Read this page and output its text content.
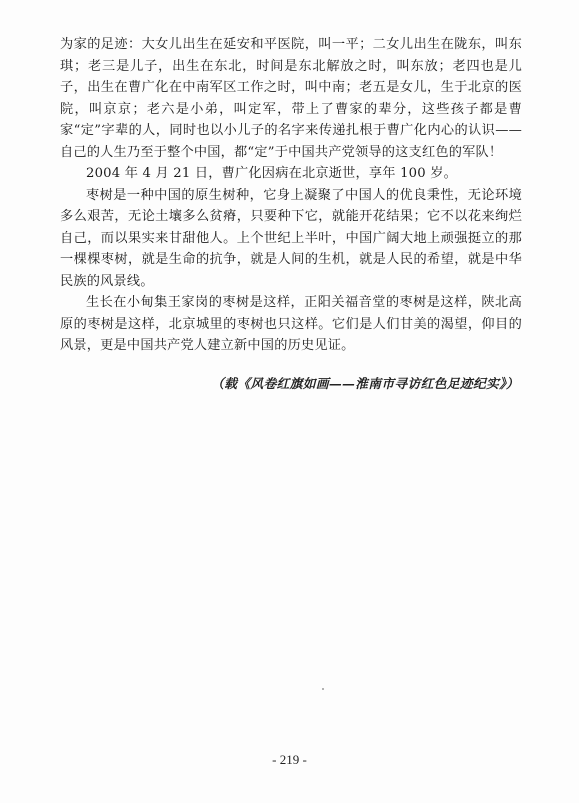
为家的足迹：大女儿出生在延安和平医院，叫一平；二女儿出生在陇东，叫东琪；老三是儿子，出生在东北，时间是东北解放之时，叫东放；老四也是儿子，出生在曹广化在中南军区工作之时，叫中南；老五是女儿，生于北京的医院，叫京京；老六是小弟，叫定军，带上了曹家的辈分，这些孩子都是曹家“定”字辈的人，同时也以小儿子的名字来传递扎根于曹广化内心的认识——自己的人生乃至于整个中国，都“定”于中国共产党领导的这支红色的军队！

2004 年 4 月 21 日，曹广化因病在北京逝世，享年 100 岁。

枣树是一种中国的原生树种，它身上凝聚了中国人的优良秉性，无论环境多么艰苦，无论土壤多么贫瘠，只要种下它，就能开花结果；它不以花来绚烂自己，而以果实来甘甜他人。上个世纪上半叶，中国广阔大地上顽强挺立的那一棵棵枣树，就是生命的抗争，就是人间的生机，就是人民的希望，就是中华民族的风景线。

生长在小甸集王家岗的枣树是这样，正阳关福音堂的枣树是这样，陕北高原的枣树是这样，北京城里的枣树也只这样。它们是人们甘美的渴望，仰目的风景，更是中国共产党人建立新中国的历史见证。

（载《风卷红旗如画——淮南市寻访红色足迹纪实》）
- 219 -
